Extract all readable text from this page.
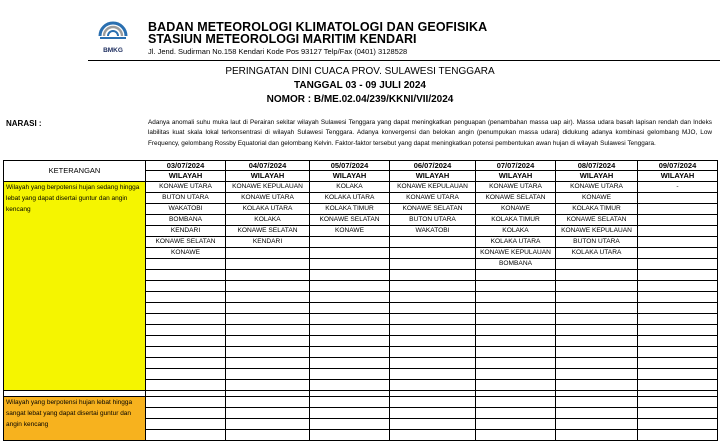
BMKG
BADAN METEOROLOGI KLIMATOLOGI DAN GEOFISIKA
STASIUN METEOROLOGI MARITIM KENDARI
Jl. Jend. Sudirman No.158 Kendari Kode Pos 93127 Telp/Fax (0401) 3128528
PERINGATAN DINI CUACA PROV. SULAWESI TENGGARA
TANGGAL 03 - 09 JULI 2024
NOMOR : B/ME.02.04/239/KKNI/VII/2024
NARASI :	Adanya anomali suhu muka laut di Perairan sekitar wilayah Sulawesi Tenggara yang dapat meningkatkan penguapan (penambahan massa uap air). Massa udara basah lapisan rendah dan Indeks labilitas kuat skala lokal terkonsentrasi di wilayah Sulawesi Tenggara. Adanya konvergensi dan belokan angin (penumpukan massa udara) didukung adanya kombinasi gelombang MJO, Low Frequency, gelombang Rossby Equatorial dan gelombang Kelvin. Faktor-faktor tersebut yang dapat meningkatkan potensi pembentukan awan hujan di wilayah Sulawesi Tenggara.
KETERANGAN	03/07/2024	04/07/2024	05/07/2024	06/07/2024	07/07/2024	08/07/2024	09/07/2024
	WILAYAH	WILAYAH	WILAYAH	WILAYAH	WILAYAH	WILAYAH	WILAYAH
Wilayah yang berpotensi hujan sedang hingga lebat yang dapat disertai guntur dan angin kencang	KONAWE UTARA	KONAWE KEPULAUAN	KOLAKA	KONAWE KEPULAUAN	KONAWE UTARA	KONAWE UTARA	-
	BUTON UTARA	KONAWE UTARA	KOLAKA UTARA	KONAWE UTARA	KONAWE SELATAN	KONAWE	
	WAKATOBI	KOLAKA UTARA	KOLAKA TIMUR	KONAWE SELATAN	KONAWE	KOLAKA TIMUR	
	BOMBANA	KOLAKA	KONAWE SELATAN	BUTON UTARA	KOLAKA TIMUR	KONAWE SELATAN	
	KENDARI	KONAWE SELATAN	KONAWE	WAKATOBI	KOLAKA	KONAWE KEPULAUAN	
	KONAWE SELATAN	KENDARI			KOLAKA UTARA	BUTON UTARA	
	KONAWE				KONAWE KEPULAUAN	KOLAKA UTARA	
					BOMBANA		

Wilayah yang berpotensi hujan lebat hingga sangat lebat yang dapat disertai guntur dan angin kencang							
